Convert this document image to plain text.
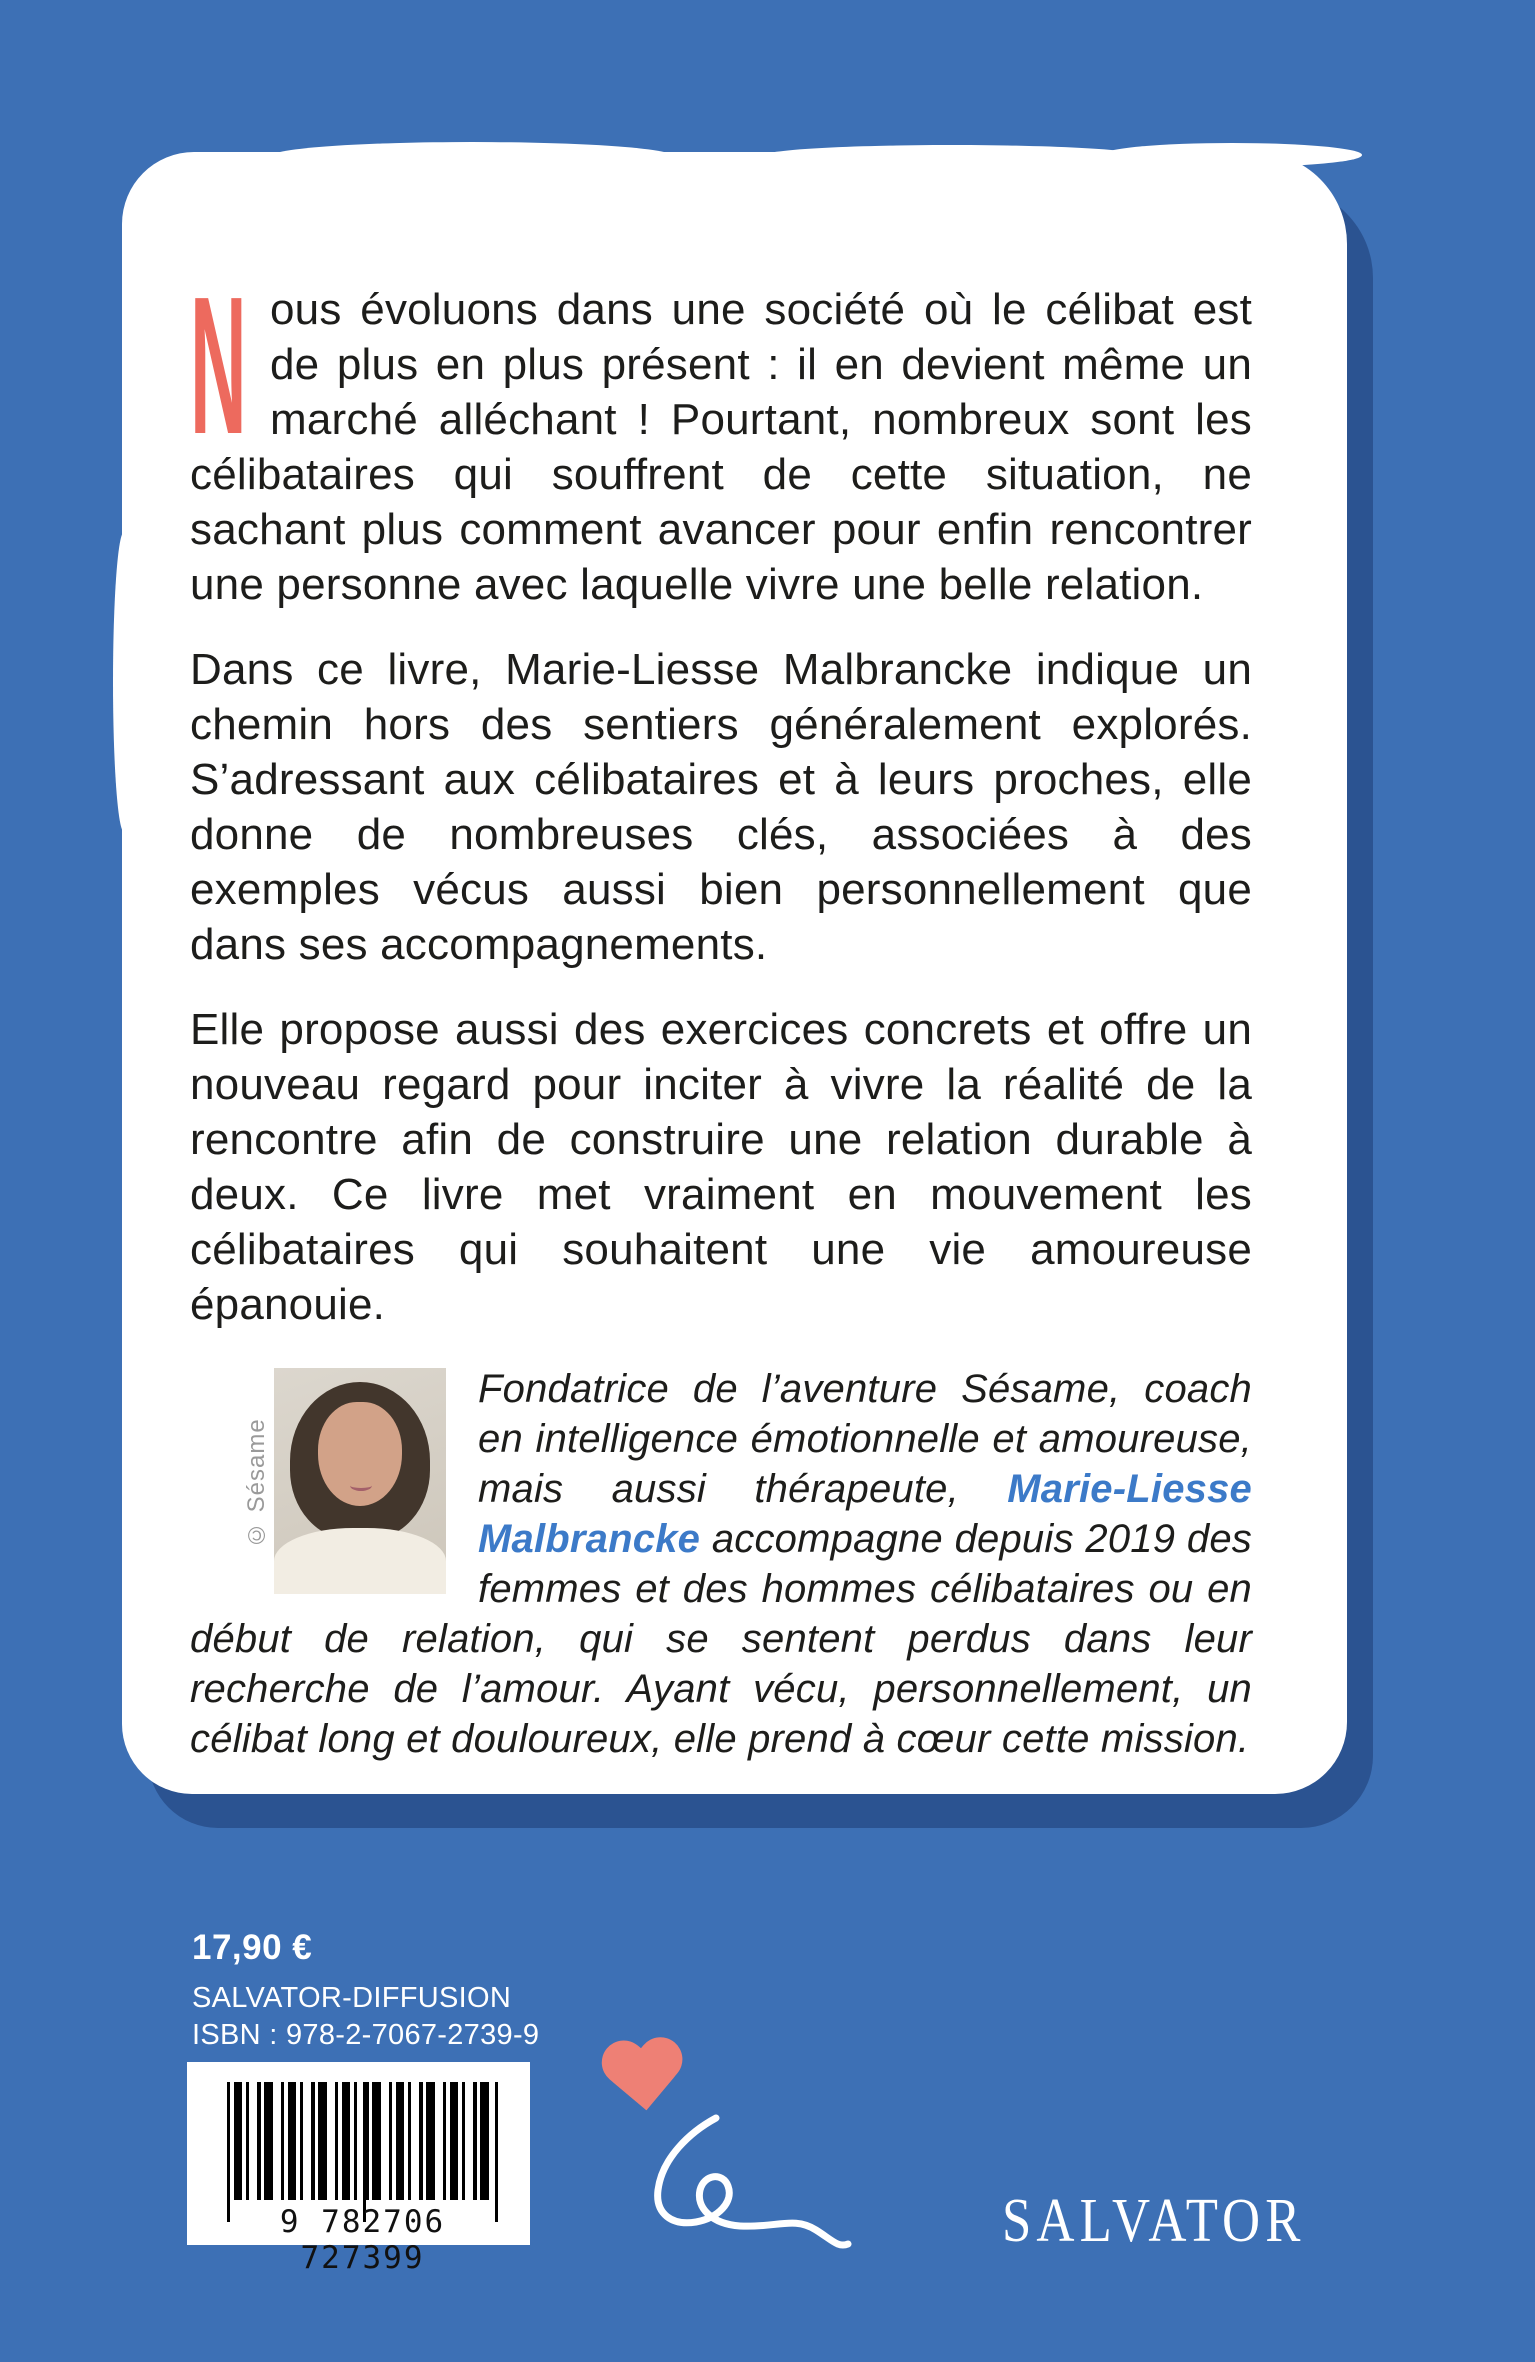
N ous évoluons dans une société où le célibat est de plus en plus présent : il en devient même un marché alléchant ! Pourtant, nombreux sont les célibataires qui souffrent de cette situation, ne sachant plus comment avancer pour enfin rencontrer une personne avec laquelle vivre une belle relation.

Dans ce livre, Marie-Liesse Malbrancke indique un chemin hors des sentiers généralement explorés. S’adressant aux célibataires et à leurs proches, elle donne de nombreuses clés, associées à des exemples vécus aussi bien personnellement que dans ses accompagnements.

Elle propose aussi des exercices concrets et offre un nouveau regard pour inciter à vivre la réalité de la rencontre afin de construire une relation durable à deux. Ce livre met vraiment en mouvement les célibataires qui souhaitent une vie amoureuse épanouie.

© Sésame
Fondatrice de l’aventure Sésame, coach en intelligence émotionnelle et amoureuse, mais aussi thérapeute, Marie-Liesse Malbrancke accompagne depuis 2019 des femmes et des hommes célibataires ou en début de relation, qui se sentent perdus dans leur recherche de l’amour. Ayant vécu, personnellement, un célibat long et douloureux, elle prend à cœur cette mission.
17,90 €
SALVATOR-DIFFUSION
ISBN : 978-2-7067-2739-9
9 782706 727399
SALVATOR
